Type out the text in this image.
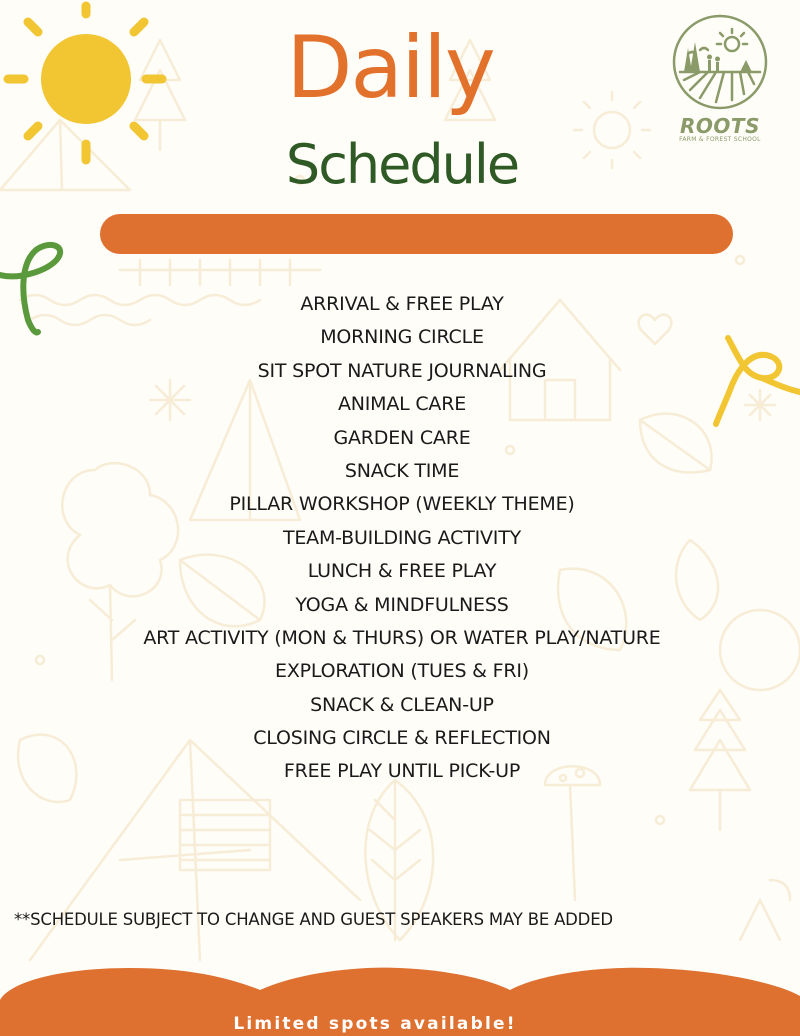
Daily
Schedule
ROOTS
FARM & FOREST SCHOOL
ARRIVAL & FREE PLAY
MORNING CIRCLE
SIT SPOT NATURE JOURNALING
ANIMAL CARE
GARDEN CARE
SNACK TIME
PILLAR WORKSHOP (WEEKLY THEME)
TEAM-BUILDING ACTIVITY
LUNCH & FREE PLAY
YOGA & MINDFULNESS
ART ACTIVITY (MON & THURS) OR WATER PLAY/NATURE
EXPLORATION (TUES & FRI)
SNACK & CLEAN-UP
CLOSING CIRCLE & REFLECTION
FREE PLAY UNTIL PICK-UP
**SCHEDULE SUBJECT TO CHANGE AND GUEST SPEAKERS MAY BE ADDED
Limited spots available!
